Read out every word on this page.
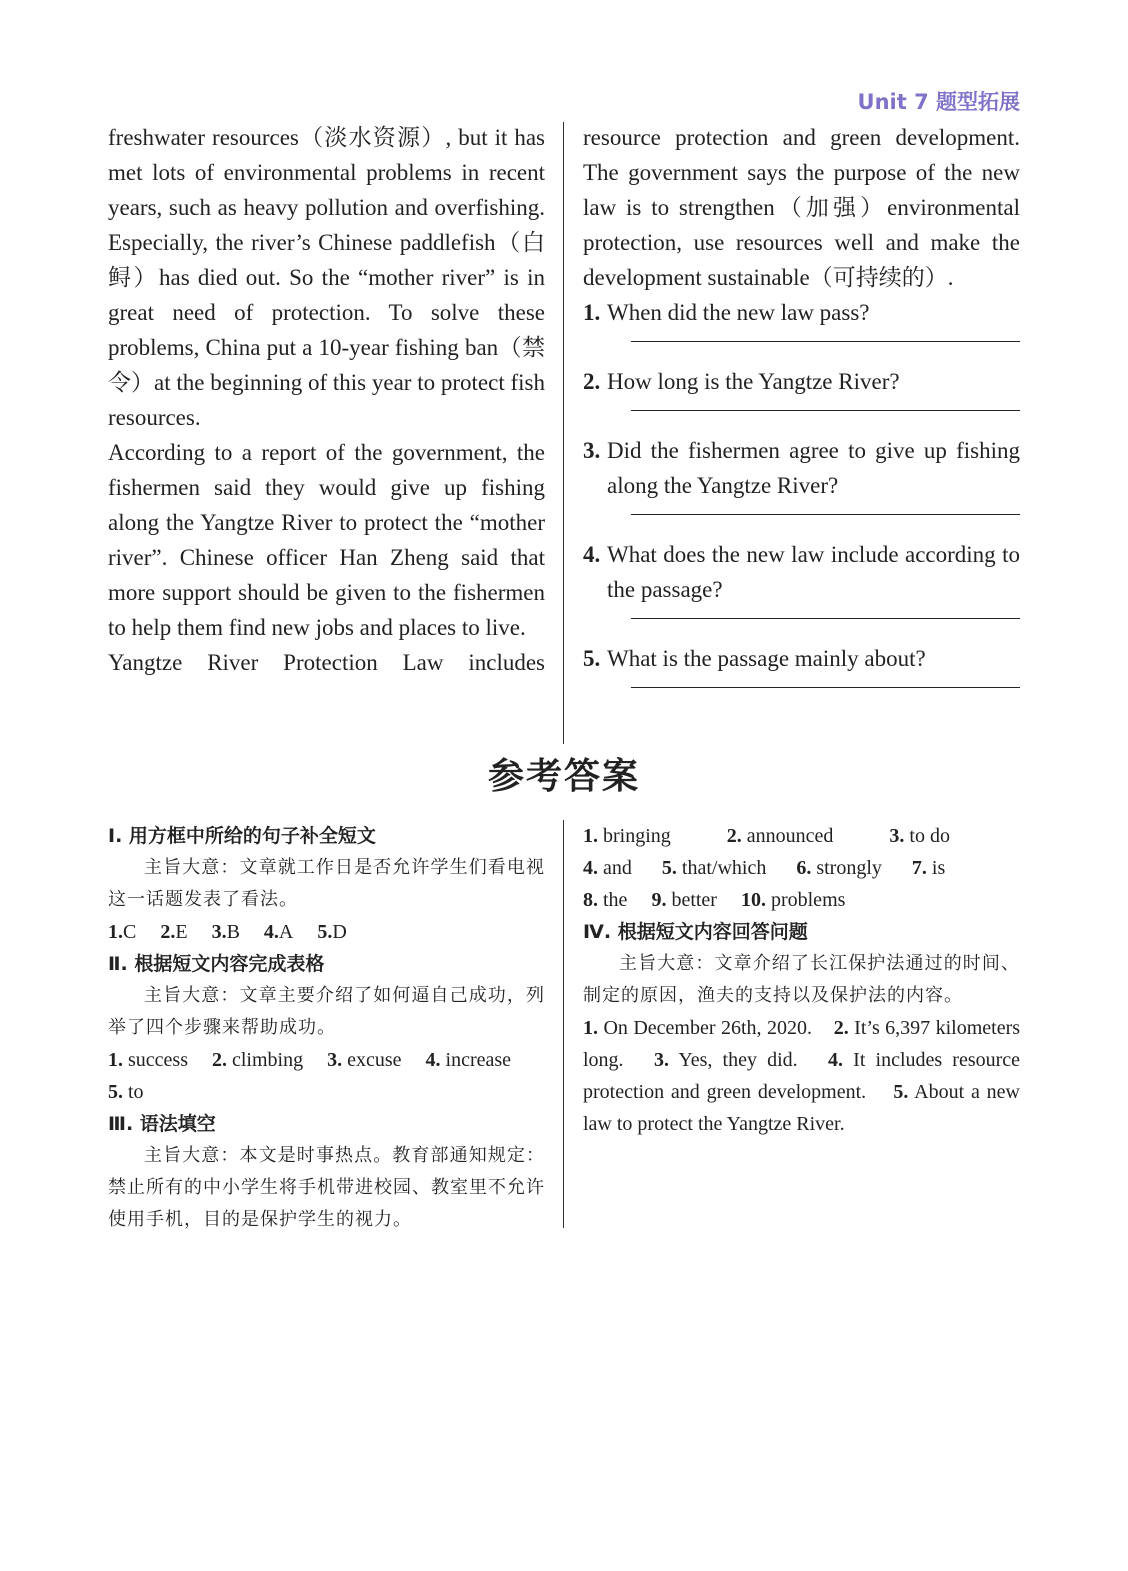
Unit 7 题型拓展

freshwater resources（淡水资源）, but it has met lots of environmental problems in recent years, such as heavy pollution and overfishing. Especially, the river’s Chinese paddlefish（白鲟）has died out. So the “mother river” is in great need of protection. To solve these problems, China put a 10-year fishing ban（禁令）at the beginning of this year to protect fish resources.

According to a report of the government, the fishermen said they would give up fishing along the Yangtze River to protect the “mother river”. Chinese officer Han Zheng said that more support should be given to the fishermen to help them find new jobs and places to live.

Yangtze River Protection Law includes

resource protection and green development. The government says the purpose of the new law is to strengthen（加强）environmental protection, use resources well and make the development sustainable（可持续的）.

1. When did the new law pass?
2. How long is the Yangtze River?
3. Did the fishermen agree to give up fishing along the Yangtze River?
4. What does the new law include according to the passage?
5. What is the passage mainly about?
参考答案
Ⅰ. 用方框中所给的句子补全短文
主旨大意：文章就工作日是否允许学生们看电视这一话题发表了看法。
1.C 2.E 3.B 4.A 5.D
Ⅱ. 根据短文内容完成表格
主旨大意：文章主要介绍了如何逼自己成功，列举了四个步骤来帮助成功。
1. success 2. climbing 3. excuse 4. increase
5. to
Ⅲ. 语法填空
主旨大意：本文是时事热点。教育部通知规定：禁止所有的中小学生将手机带进校园、教室里不允许使用手机，目的是保护学生的视力。
1. bringing	2. announced	3. to do
4. and 5. that/which 6. strongly 7. is
8. the 9. better 10. problems
Ⅳ. 根据短文内容回答问题
主旨大意：文章介绍了长江保护法通过的时间、制定的原因，渔夫的支持以及保护法的内容。
1. On December 26th, 2020. 2. It’s 6,397 kilometers long. 3. Yes, they did. 4. It includes resource protection and green development. 5. About a new law to protect the Yangtze River.
